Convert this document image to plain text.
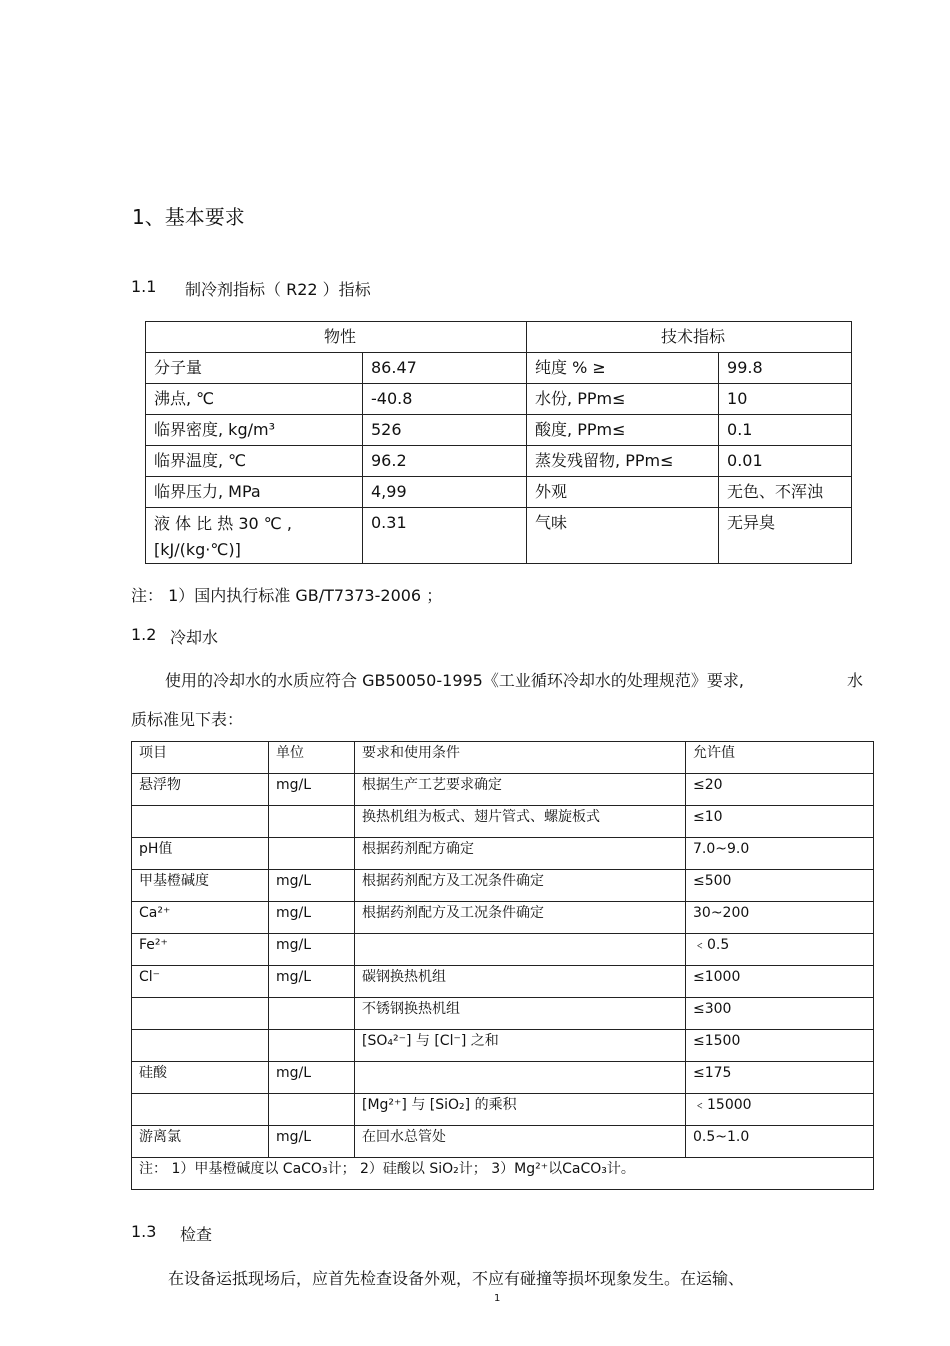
1、基本要求
1.1 制冷剂指标（ R22 ）指标
物性		技术指标	
分子量	86.47	纯度 % ≥	99.8
沸点, ℃	-40.8	水份, PPm≤	10
临界密度, kg/m³	526	酸度, PPm≤	0.1
临界温度, ℃	96.2	蒸发残留物, PPm≤	0.01
临界压力, MPa	4,99	外观	无色、不浑浊
液 体 比 热 30 ℃ , [kJ/(kg·℃)]	0.31	气味	无异臭
注： 1）国内执行标准 GB/T7373-2006 ；
1.2 冷却水
使用的冷却水的水质应符合 GB50050-1995《工业循环冷却水的处理规范》要求,	水
质标准见下表：
项目	单位	要求和使用条件	允许值
悬浮物	mg/L	根据生产工艺要求确定	≤20
		换热机组为板式、翅片管式、螺旋板式	≤10
pH值		根据药剂配方确定	7.0~9.0
甲基橙碱度	mg/L	根据药剂配方及工况条件确定	≤500
Ca²⁺	mg/L	根据药剂配方及工况条件确定	30~200
Fe²⁺	mg/L		﹤0.5
Cl⁻	mg/L	碳钢换热机组	≤1000
		不锈钢换热机组	≤300
		[SO₄²⁻] 与 [Cl⁻] 之和	≤1500
硅酸	mg/L		≤175
		[Mg²⁺] 与 [SiO₂] 的乘积	﹤15000
游离氯	mg/L	在回水总管处	0.5~1.0
注： 1）甲基橙碱度以 CaCO₃计； 2）硅酸以 SiO₂计； 3）Mg²⁺以CaCO₃计。			
1.3 检查
在设备运抵现场后，应首先检查设备外观，不应有碰撞等损坏现象发生。在运输、
1
